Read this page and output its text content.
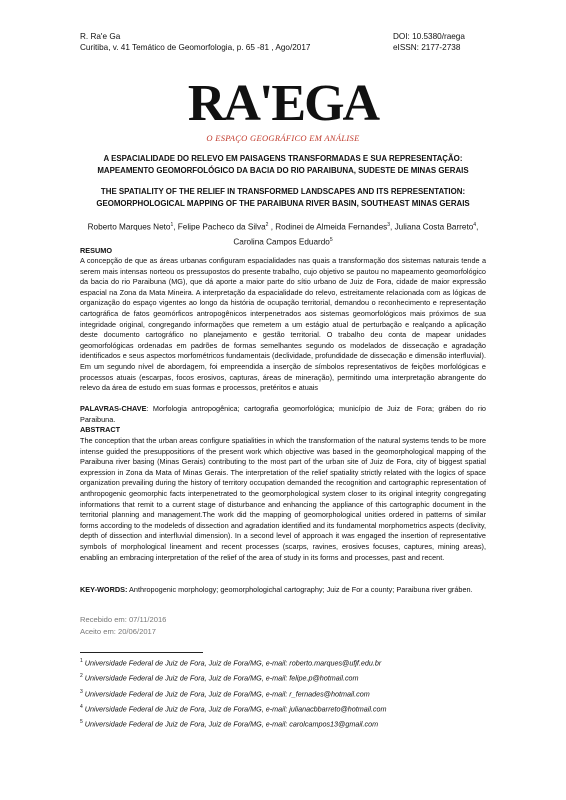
R. Ra'e Ga
Curitiba, v. 41 Temático de Geomorfologia, p. 65 -81 , Ago/2017
DOI: 10.5380/raega
eISSN: 2177-2738
RA'EGA
O ESPAÇO GEOGRÁFICO EM ANÁLISE
A ESPACIALIDADE DO RELEVO EM PAISAGENS TRANSFORMADAS E SUA REPRESENTAÇÃO: MAPEAMENTO GEOMORFOLÓGICO DA BACIA DO RIO PARAIBUNA, SUDESTE DE MINAS GERAIS
THE SPATIALITY OF THE RELIEF IN TRANSFORMED LANDSCAPES AND ITS REPRESENTATION: GEOMORPHOLOGICAL MAPPING OF THE PARAIBUNA RIVER BASIN, SOUTHEAST MINAS GERAIS
Roberto Marques Neto$^1$, Felipe Pacheco da Silva$^2$ , Rodinei de Almeida Fernandes$^3$, Juliana Costa Barreto$^4$, Carolina Campos Eduardo$^5$
RESUMO
A concepção de que as áreas urbanas configuram espacialidades nas quais a transformação dos sistemas naturais tende a serem mais intensas norteou os pressupostos do presente trabalho, cujo objetivo se pautou no mapeamento geomorfológico da bacia do rio Paraibuna (MG), que dá aporte a maior parte do sítio urbano de Juiz de Fora, cidade de maior expressão espacial na Zona da Mata Mineira. A interpretação da espacialidade do relevo, estreitamente relacionada com as lógicas de organização do espaço vigentes ao longo da história de ocupação territorial, demandou o reconhecimento e representação cartográfica de fatos geomórficos antropogênicos interpenetrados aos sistemas geomorfológicos mais próximos de sua integridade original, congregando informações que remetem a um estágio atual de perturbação e realçando a aplicação deste documento cartográfico no planejamento e gestão territorial. O trabalho deu conta de mapear unidades geomorfológicas ordenadas em padrões de formas semelhantes segundo os modelados de dissecação e agradação identificados e seus aspectos morfométricos fundamentais (declividade, profundidade de dissecação e dimensão interfluvial). Em um segundo nível de abordagem, foi empreendida a inserção de símbolos representativos de feições morfológicas e processos atuais (escarpas, focos erosivos, capturas, áreas de mineração), permitindo uma interpretação abrangente do relevo da área de estudo em suas formas e processos, pretéritos e atuais
PALAVRAS-CHAVE: Morfologia antropogênica; cartografia geomorfológica; município de Juiz de Fora; gráben do rio Paraibuna.
ABSTRACT
The conception that the urban areas configure spatialities in which the transformation of the natural systems tends to be more intense guided the presuppositions of the present work which objective was based in the geomorphological mapping of the Paraibuna river basing (Minas Gerais) contributing to the most part of the urban site of Juiz de Fora, city of biggest spatial expression in Zona da Mata of Minas Gerais. The interpretation of the relief spatiality strictly related with the logics of space organization prevailing during the history of territory occupation demanded the recognition and cartographic representation of anthropogenic geomorphic facts interpenetrated to the geomorphological system closer to its original integrity congregating informations that remit to a current stage of disturbance and enhancing the appliance of this cartographic document in the territorial planning and management.The work did the mapping of geomorphological unities ordered in patterns of similar forms according to the modeleds of dissection and agradation identified and its fundamental morphometrics aspects (declivity, depth of dissection and interfluvial dimension). In a second level of approach it was engaged the insertion of representative symbols of morphological lineament and recent processes (scarps, ravines, erosives focuses, captures, mining areas), enabling an embracing interpretation of the relief of the area of study in its forms and processes, past and recent.
KEY-WORDS: Anthropogenic morphology; geomorphologichal cartography; Juiz de For a county; Paraibuna river gráben.
Recebido em: 07/11/2016
Aceito em: 20/06/2017
$^1$ Universidade Federal de Juiz de Fora, Juiz de Fora/MG, e-mail: roberto.marques@ufjf.edu.br
$^2$ Universidade Federal de Juiz de Fora, Juiz de Fora/MG, e-mail: felipe.p@hotmail.com
$^3$ Universidade Federal de Juiz de Fora, Juiz de Fora/MG, e-mail: r_fernades@hotmail.com
$^4$ Universidade Federal de Juiz de Fora, Juiz de Fora/MG, e-mail: julianacbbarreto@hotmail.com
$^5$ Universidade Federal de Juiz de Fora, Juiz de Fora/MG, e-mail: carolcampos13@gmail.com
